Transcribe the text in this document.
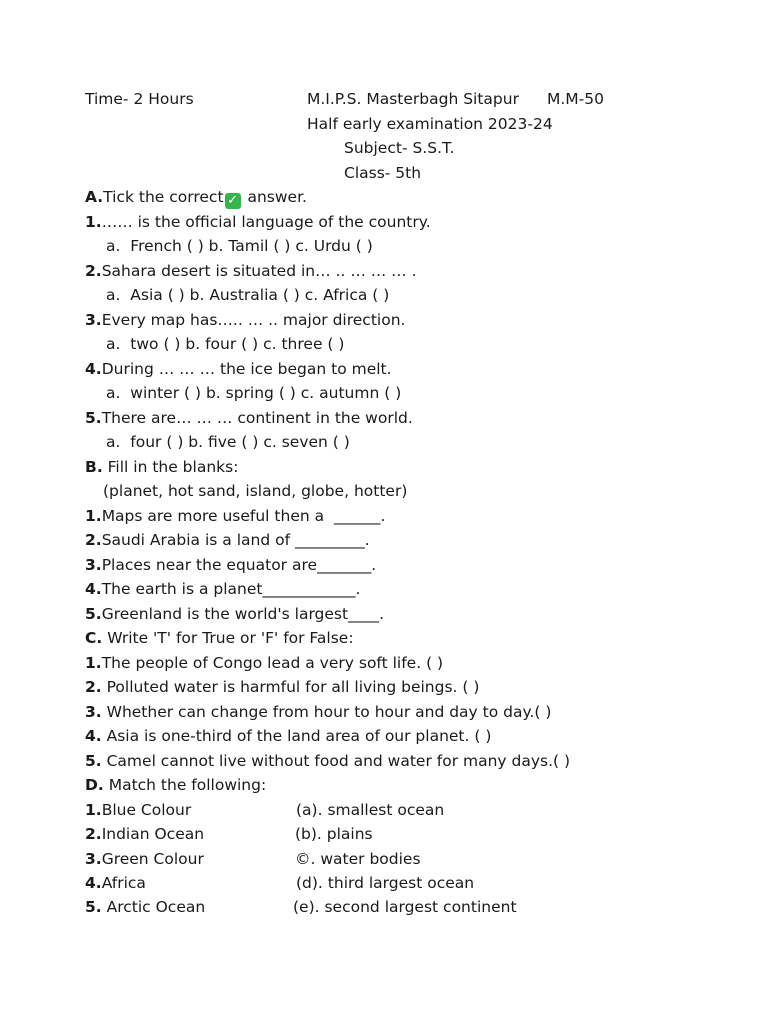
Time- 2 Hours	M.I.P.S. Masterbagh Sitapur M.M-50
Half early examination 2023-24
Subject- S.S.T.
Class- 5th
A.Tick the correct ✓ answer.
1.…… is the official language of the country.
a.  French ( ) b. Tamil ( ) c. Urdu ( )
2.Sahara desert is situated in… .. … … … .
a.  Asia ( ) b. Australia ( ) c. Africa ( )
3.Every map has….. … .. major direction.
a.  two ( ) b. four ( ) c. three ( )
4.During … … … the ice began to melt.
a.  winter ( ) b. spring ( ) c. autumn ( )
5.There are… … … continent in the world.
a.  four ( ) b. five ( ) c. seven ( )
B. Fill in the blanks:
(planet, hot sand, island, globe, hotter)
1.Maps are more useful then a  ______.
2.Saudi Arabia is a land of _________.
3.Places near the equator are_______.
4.The earth is a planet____________.
5.Greenland is the world's largest____.
C. Write 'T' for True or 'F' for False:
1.The people of Congo lead a very soft life. ( )
2. Polluted water is harmful for all living beings. ( )
3. Whether can change from hour to hour and day to day.( )
4. Asia is one-third of the land area of our planet. ( )
5. Camel cannot live without food and water for many days.( )
D. Match the following:
1.Blue Colour	(a). smallest ocean
2.Indian Ocean	(b). plains
3.Green Colour	©. water bodies
4.Africa	(d). third largest ocean
5. Arctic Ocean	(e). second largest continent
